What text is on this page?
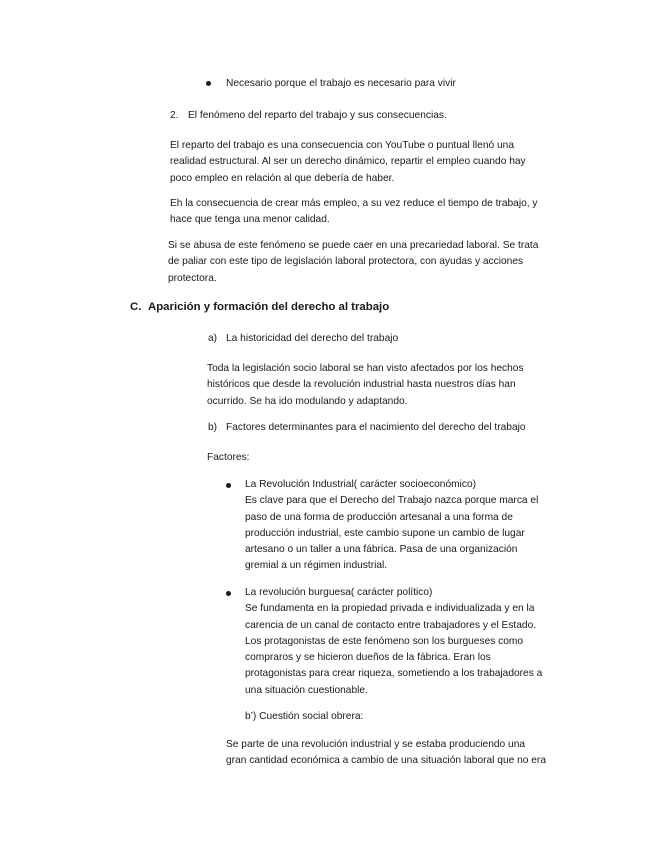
Necesario porque el trabajo es necesario para vivir

2. El fenómeno del reparto del trabajo y sus consecuencias.

El reparto del trabajo es una consecuencia con YouTube o puntual llenó una
realidad estructural. Al ser un derecho dinámico, repartir el empleo cuando hay
poco empleo en relación al que debería de haber.

Eh la consecuencia de crear más empleo, a su vez reduce el tiempo de trabajo, y
hace que tenga una menor calidad.

Si se abusa de este fenómeno se puede caer en una precariedad laboral. Se trata
de paliar con este tipo de legislación laboral protectora, con ayudas y acciones
protectora.

C. Aparición y formación del derecho al trabajo

a) La historicidad del derecho del trabajo

Toda la legislación socio laboral se han visto afectados por los hechos
históricos que desde la revolución industrial hasta nuestros días han
ocurrido. Se ha ido modulando y adaptando.

b) Factores determinantes para el nacimiento del derecho del trabajo

Factores:

La Revolución Industrial( carácter socioeconómico)
Es clave para que el Derecho del Trabajo nazca porque marca el
paso de una forma de producción artesanal a una forma de
producción industrial, este cambio supone un cambio de lugar
artesano o un taller a una fábrica. Pasa de una organización
gremial a un régimen industrial.

La revolución burguesa( carácter político)
Se fundamenta en la propiedad privada e individualizada y en la
carencia de un canal de contacto entre trabajadores y el Estado.
Los protagonistas de este fenómeno son los burgueses como
compraros y se hicieron dueños de la fábrica. Eran los
protagonistas para crear riqueza, sometiendo a los trabajadores a
una situación cuestionable.

b’) Cuestión social obrera:

Se parte de una revolución industrial y se estaba produciendo una
gran cantidad económica a cambio de una situación laboral que no era
